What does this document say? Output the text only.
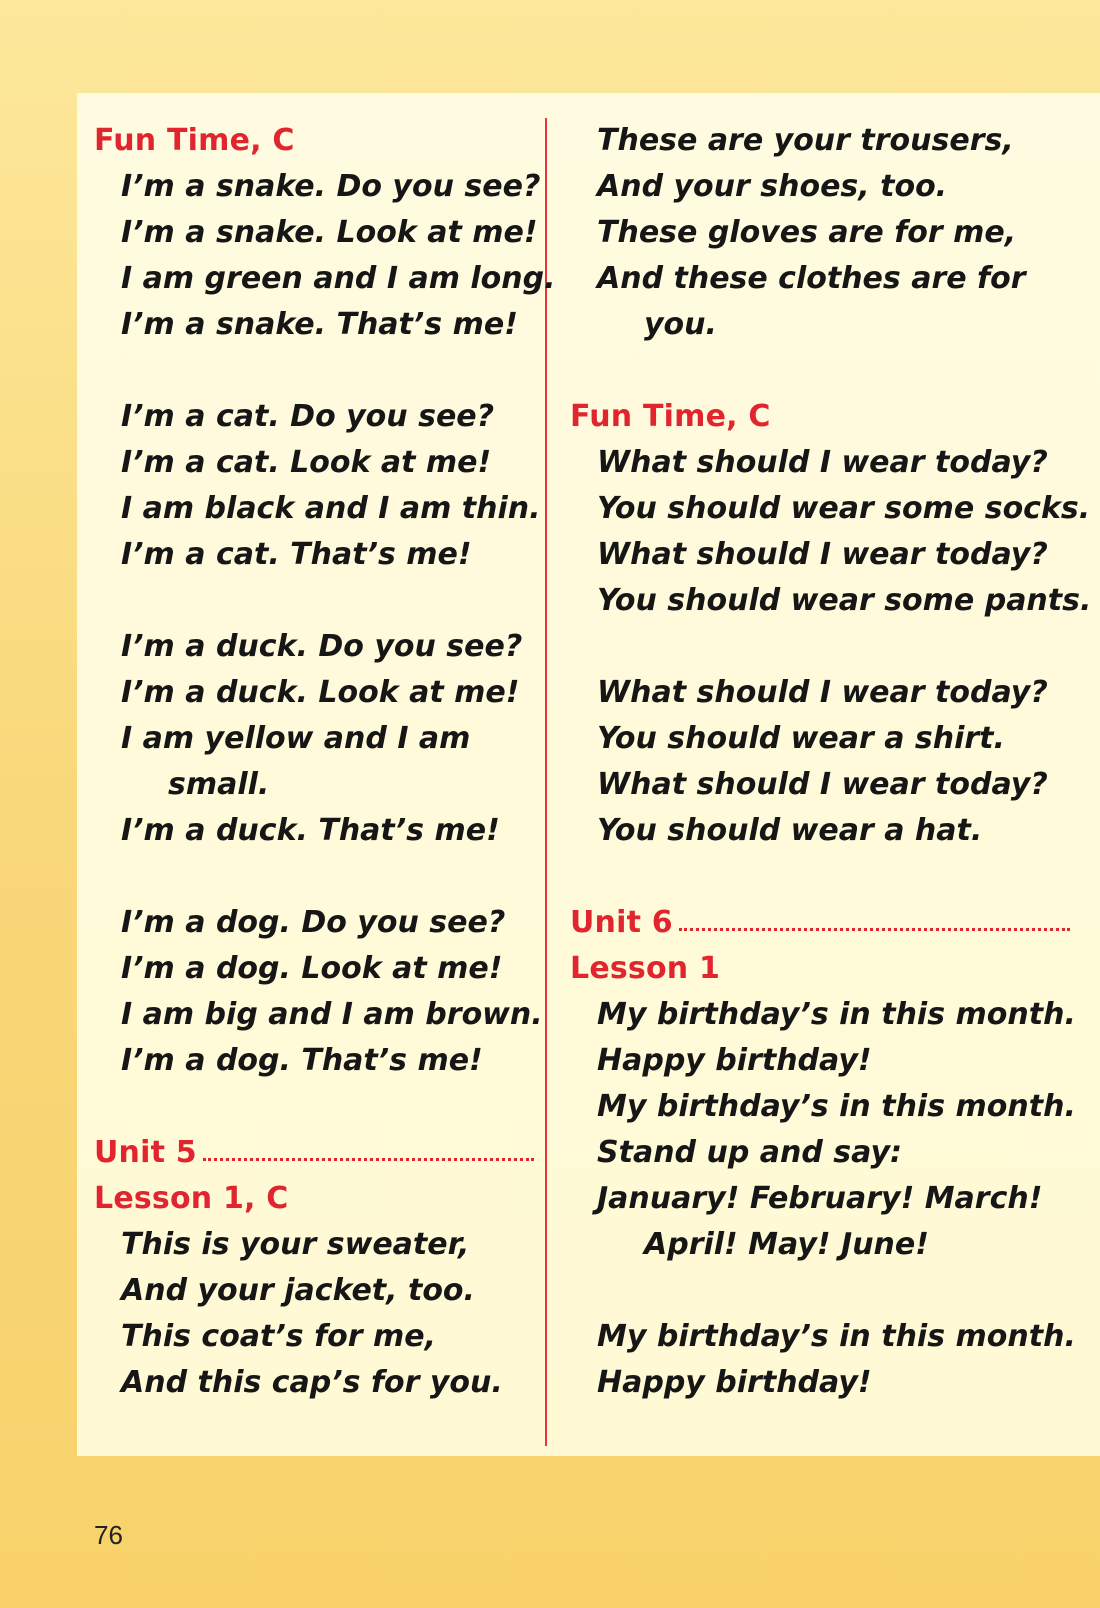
Fun Time, C
I’m a snake. Do you see?
I’m a snake. Look at me!
I am green and I am long.
I’m a snake. That’s me!
I’m a cat. Do you see?
I’m a cat. Look at me!
I am black and I am thin.
I’m a cat. That’s me!
I’m a duck. Do you see?
I’m a duck. Look at me!
I am yellow and I am
small.
I’m a duck. That’s me!
I’m a dog. Do you see?
I’m a dog. Look at me!
I am big and I am brown.
I’m a dog. That’s me!
Unit 5
Lesson 1, C
This is your sweater,
And your jacket, too.
This coat’s for me,
And this cap’s for you.
These are your trousers,
And your shoes, too.
These gloves are for me,
And these clothes are for
you.
Fun Time, C
What should I wear today?
You should wear some socks.
What should I wear today?
You should wear some pants.
What should I wear today?
You should wear a shirt.
What should I wear today?
You should wear a hat.
Unit 6
Lesson 1
My birthday’s in this month.
Happy birthday!
My birthday’s in this month.
Stand up and say:
January! February! March!
April! May! June!
My birthday’s in this month.
Happy birthday!
76
